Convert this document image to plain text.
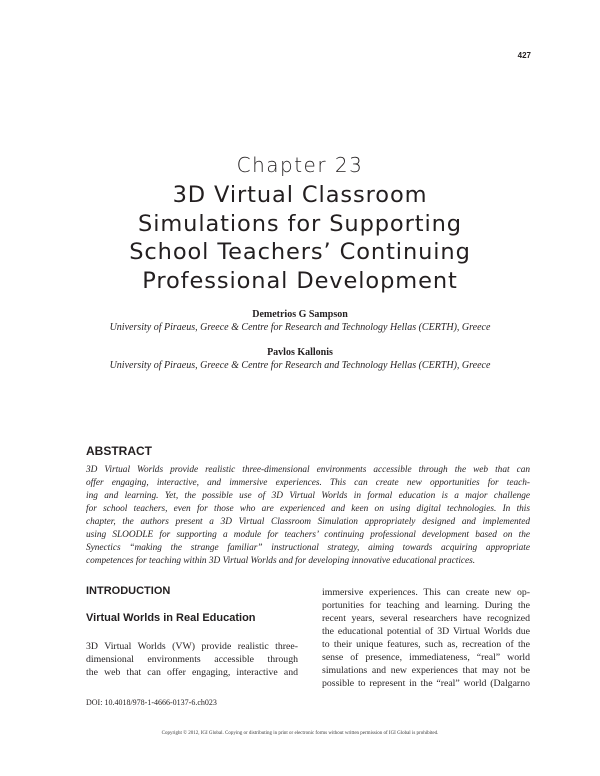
427
Chapter 23
3D Virtual Classroom
Simulations for Supporting
School Teachers’ Continuing
Professional Development
Demetrios G Sampson
University of Piraeus, Greece & Centre for Research and Technology Hellas (CERTH), Greece
Pavlos Kallonis
University of Piraeus, Greece & Centre for Research and Technology Hellas (CERTH), Greece
ABSTRACT
3D Virtual Worlds provide realistic three-dimensional environments accessible through the web that can
offer engaging, interactive, and immersive experiences. This can create new opportunities for teach-
ing and learning. Yet, the possible use of 3D Virtual Worlds in formal education is a major challenge
for school teachers, even for those who are experienced and keen on using digital technologies. In this
chapter, the authors present a 3D Virtual Classroom Simulation appropriately designed and implemented
using SLOODLE for supporting a module for teachers’ continuing professional development based on the
Synectics “making the strange familiar” instructional strategy, aiming towards acquiring appropriate
competences for teaching within 3D Virtual Worlds and for developing innovative educational practices.
INTRODUCTION
Virtual Worlds in Real Education
3D Virtual Worlds (VW) provide realistic three-
dimensional environments accessible through
the web that can offer engaging, interactive and
immersive experiences. This can create new op-
portunities for teaching and learning. During the
recent years, several researchers have recognized
the educational potential of 3D Virtual Worlds due
to their unique features, such as, recreation of the
sense of presence, immediateness, “real” world
simulations and new experiences that may not be
possible to represent in the “real” world (Dalgarno
DOI: 10.4018/978-1-4666-0137-6.ch023
Copyright © 2012, IGI Global. Copying or distributing in print or electronic forms without written permission of IGI Global is prohibited.
